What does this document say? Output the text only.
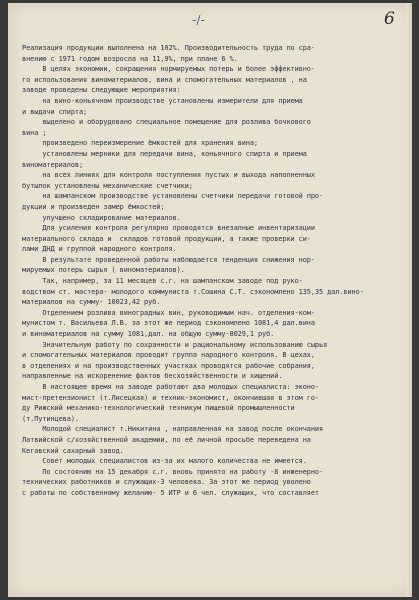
-/-	6
Реализация продукции выполнена на 102%. Производительность труда по сра-
внению с 1971 годом возросла на 11,9%, при плане 6 %.
В целях экономии, сокращения нормируемых потерь и более эффективно-
го использования виноматериалов, вина и спомогательных материалов , на
заводе проведены следующие мероприятия:
на вино-коньячном производстве установлены измерители для приема
и выдачи спирта;
выделено и оборудовано специальное помещение для розлива бочкового
вина ;
произведено переизмерение ёмкостей для хранения вина;
установлены мерники для передачи вина, коньячного спирта и приема
виноматериалов;
на всех линиях для контроля поступления пустых и выхода наполненных
бутылок установлены механические счетчики;
на шампанском производстве установлены счетчики передачи готовой про-
дукции и произведен замер ёмкостей;
улучшено складирование материалов.
Для усиления контроля регулярно проводятся внезапные инвентаризации
материального склада и  складов готовой продукции, а также проверки си-
лами ДНД и группой народного контроля.
В результате проведенной работы наблюдается тенденция снижения нор-
мируемых потерь сырья ( виноматериалов).
Так, например, за 11 месяцев с.г. на шампанском заводе под руко-
водством ст. мастера- молодого коммуниста т.Сошина С.Т. сэкономлено 135,35 дал.вино-
материалов на сумму- 10023,42 руб.
Отделением розлива виноградных вин, руководимым нач. отделения-ком-
мунистом т. Васильева Л.В. за этот же период сэкономлено 1081,4 дал.вина
и виноматериалов на сумму 1081,дал. на общую сумму-8029,1 руб.
Значительную работу по сохранности и рациональному использованию сырья
и спомогательных материалов проводит группа народного контроля. В цехах,
в отделениях и на производственных участках проводятся рабочие собрания,
направленные на искоренение фактов бесхозяйственности и хищений.
В настоящее время на заводе работают два молодых специалиста: эконо-
мист-претензионист (т.Лисецкая) и техник-экономист, окончившая в этом го-
ду Рижский механико-технологический техникум пищевой промышленности
(т.Путинцева).
Молодой специалист т.Никитина , направленная на завод после окончания
Латвийской с/хозяйственной академии, по её личной просьбе переведена на
Кегавский сахарный завод.
Совет молодых специалистов из-за их малого количества не имеется.
По состоянию на 15 декабря с.г. вновь принято на работу -8 инженерно-
технических работников и служащих-3 человека. За этот же период уволено
с работы по собственному желанию- 5 ИТР и 6 чел. служащих, что составляет
